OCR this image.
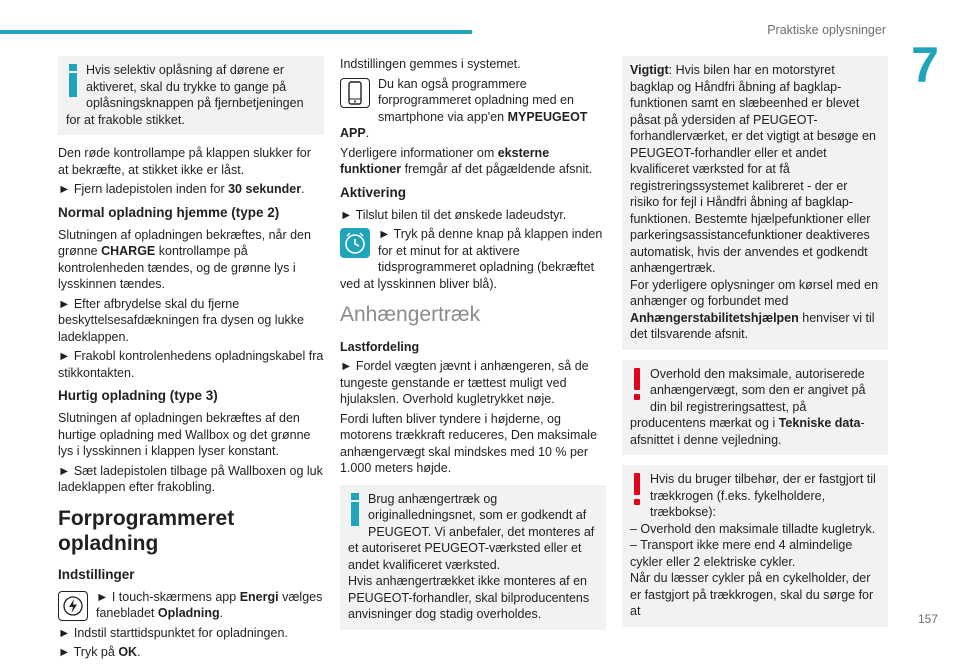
Praktiske oplysninger
7

Hvis selektiv oplåsning af dørene er aktiveret, skal du trykke to gange på oplåsningsknappen på fjernbetjeningen for at frakoble stikket.

Den røde kontrollampe på klappen slukker for at bekræfte, at stikket ikke er låst.

► Fjern ladepistolen inden for 30 sekunder.

Normal opladning hjemme (type 2)

Slutningen af opladningen bekræftes, når den grønne CHARGE kontrollampe på kontrolenheden tændes, og de grønne lys i lysskinnen tændes.

► Efter afbrydelse skal du fjerne beskyttelsesafdækningen fra dysen og lukke ladeklappen.

► Frakobl kontrolenhedens opladningskabel fra stikkontakten.

Hurtig opladning (type 3)

Slutningen af opladningen bekræftes af den hurtige opladning med Wallbox og det grønne lys i lysskinnen i klappen lyser konstant.

► Sæt ladepistolen tilbage på Wallboxen og luk ladeklappen efter frakobling.

Forprogrammeret opladning
Indstillinger

► I touch-skærmens app Energi vælges fanebladet Opladning.

► Indstil starttidspunktet for opladningen.

► Tryk på OK.

Indstillingen gemmes i systemet.

Du kan også programmere forprogrammeret opladning med en smartphone via app'en MYPEUGEOT APP.

Yderligere informationer om eksterne funktioner fremgår af det pågældende afsnit.

Aktivering

► Tilslut bilen til det ønskede ladeudstyr.

► Tryk på denne knap på klappen inden for et minut for at aktivere tidsprogrammeret opladning (bekræftet ved at lysskinnen bliver blå).

Anhængertræk
Lastfordeling

► Fordel vægten jævnt i anhængeren, så de tungeste genstande er tættest muligt ved hjulakslen. Overhold kugletrykket nøje.

Fordi luften bliver tyndere i højderne, og motorens trækkraft reduceres, Den maksimale anhængervægt skal mindskes med 10 % per 1.000 meters højde.

Brug anhængertræk og originalledningsnet, som er godkendt af PEUGEOT. Vi anbefaler, det monteres af et autoriseret PEUGEOT-værksted eller et andet kvalificeret værksted.

Hvis anhængertrækket ikke monteres af en PEUGEOT-forhandler, skal bilproducentens anvisninger dog stadig overholdes.

Vigtigt: Hvis bilen har en motorstyret bagklap og Håndfri åbning af bagklap-funktionen samt en slæbeenhed er blevet påsat på ydersiden af PEUGEOT-forhandlerværket, er det vigtigt at besøge en PEUGEOT-forhandler eller et andet kvalificeret værksted for at få registreringssystemet kalibreret - der er risiko for fejl i Håndfri åbning af bagklap-funktionen. Bestemte hjælpefunktioner eller parkeringsassistancefunktioner deaktiveres automatisk, hvis der anvendes et godkendt anhængertræk.

For yderligere oplysninger om kørsel med en anhænger og forbundet med Anhængerstabilitetshjælpen henviser vi til det tilsvarende afsnit.

Overhold den maksimale, autoriserede anhængervægt, som den er angivet på din bil registreringsattest, på producentens mærkat og i Tekniske data-afsnittet i denne vejledning.

Hvis du bruger tilbehør, der er fastgjort til trækkrogen (f.eks. fykelholdere, trækbokse):

– Overhold den maksimale tilladte kugletryk.

– Transport ikke mere end 4 almindelige cykler eller 2 elektriske cykler.

Når du læsser cykler på en cykelholder, der er fastgjort på trækkrogen, skal du sørge for at

157
